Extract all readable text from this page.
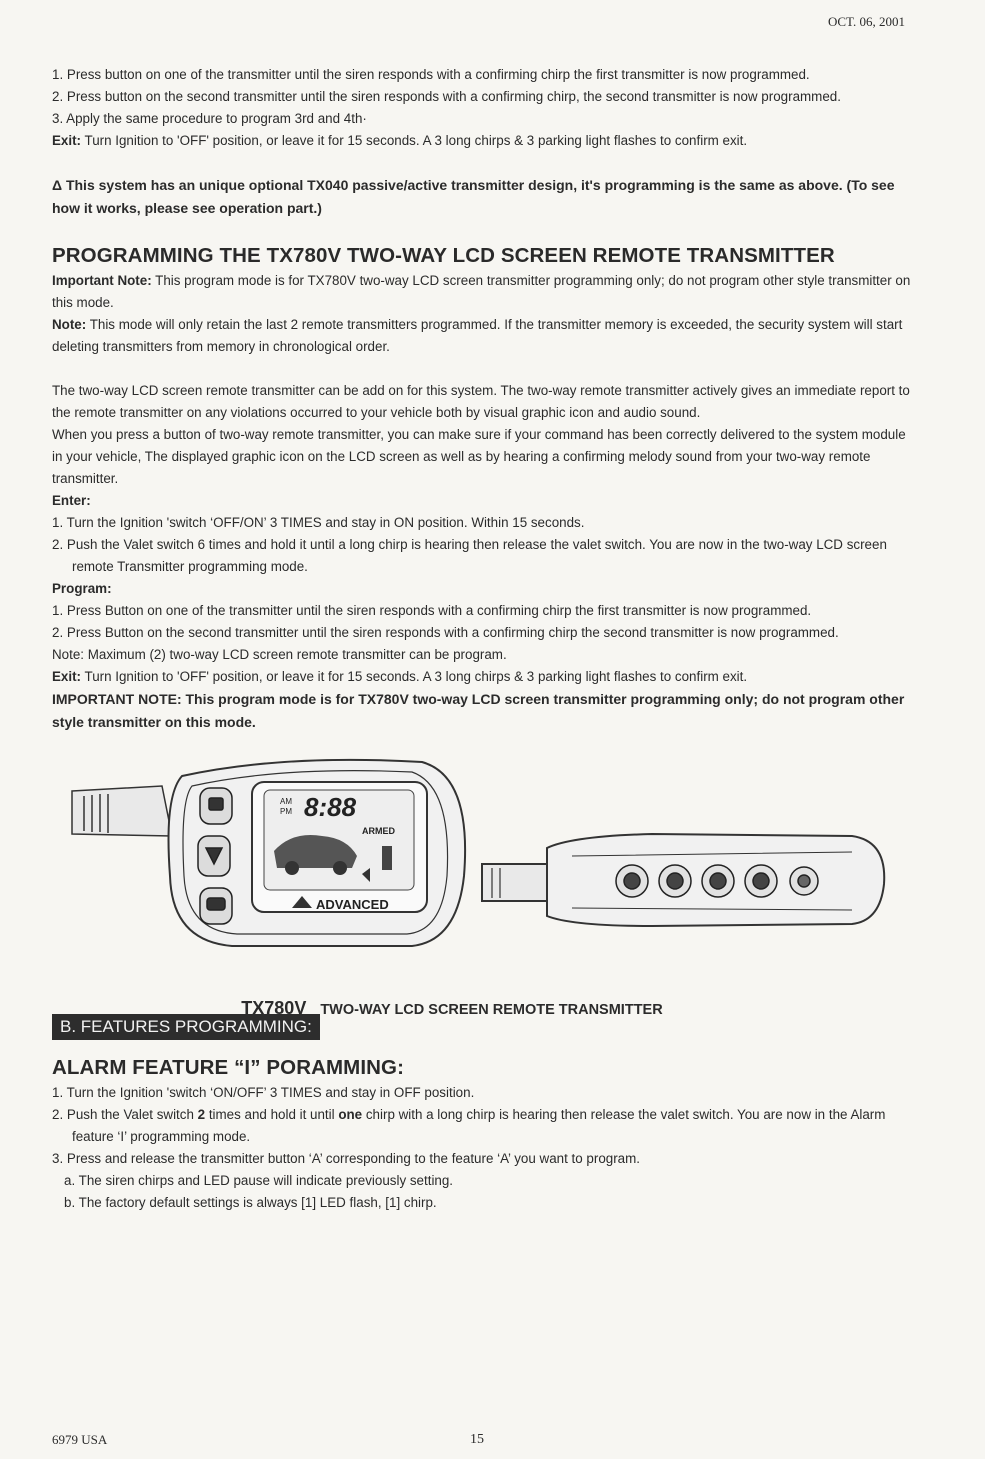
OCT. 06, 2001

1. Press button on one of the transmitter until the siren responds with a confirming chirp the first transmitter is now programmed.

2. Press button on the second transmitter until the siren responds with a confirming chirp, the second transmitter is now programmed.

3. Apply the same procedure to program 3rd and 4th·

Exit: Turn Ignition to 'OFF' position, or leave it for 15 seconds. A 3 long chirps & 3 parking light flashes to confirm exit.

Δ This system has an unique optional TX040 passive/active transmitter design, it's programming is the same as above. (To see how it works, please see operation part.)

PROGRAMMING THE TX780V TWO-WAY LCD SCREEN REMOTE TRANSMITTER

Important Note: This program mode is for TX780V two-way LCD screen transmitter programming only; do not program other style transmitter on this mode.

Note: This mode will only retain the last 2 remote transmitters programmed. If the transmitter memory is exceeded, the security system will start deleting transmitters from memory in chronological order.

The two-way LCD screen remote transmitter can be add on for this system. The two-way remote transmitter actively gives an immediate report to the remote transmitter on any violations occurred to your vehicle both by visual graphic icon and audio sound.

When you press a button of two-way remote transmitter, you can make sure if your command has been correctly delivered to the system module in your vehicle, The displayed graphic icon on the LCD screen as well as by hearing a confirming melody sound from your two-way remote transmitter.

Enter:

1. Turn the Ignition 'switch ‘OFF/ON’ 3 TIMES and stay in ON position. Within 15 seconds.

2. Push the Valet switch 6 times and hold it until a long chirp is hearing then release the valet switch. You are now in the two-way LCD screen remote Transmitter programming mode.

Program:

1. Press Button on one of the transmitter until the siren responds with a confirming chirp the first transmitter is now programmed.

2. Press Button on the second transmitter until the siren responds with a confirming chirp the second transmitter is now programmed.

Note: Maximum (2) two-way LCD screen remote transmitter can be program.

Exit: Turn Ignition to 'OFF' position, or leave it for 15 seconds. A 3 long chirps & 3 parking light flashes to confirm exit.

IMPORTANT NOTE: This program mode is for TX780V two-way LCD screen transmitter programming only; do not program other style transmitter on this mode.

AM
PM 8:88
ARMED
ADVANCED
TX780V TWO-WAY LCD SCREEN REMOTE TRANSMITTER
B. FEATURES PROGRAMMING:
ALARM FEATURE “I” PORAMMING:

1. Turn the Ignition 'switch ‘ON/OFF’ 3 TIMES and stay in OFF position.

2. Push the Valet switch 2 times and hold it until one chirp with a long chirp is hearing then release the valet switch. You are now in the Alarm feature ‘I’ programming mode.

3. Press and release the transmitter button ‘A’ corresponding to the feature ‘A’ you want to program.

a. The siren chirps and LED pause will indicate previously setting.

b. The factory default settings is always [1] LED flash, [1] chirp.

6979 USA	15
